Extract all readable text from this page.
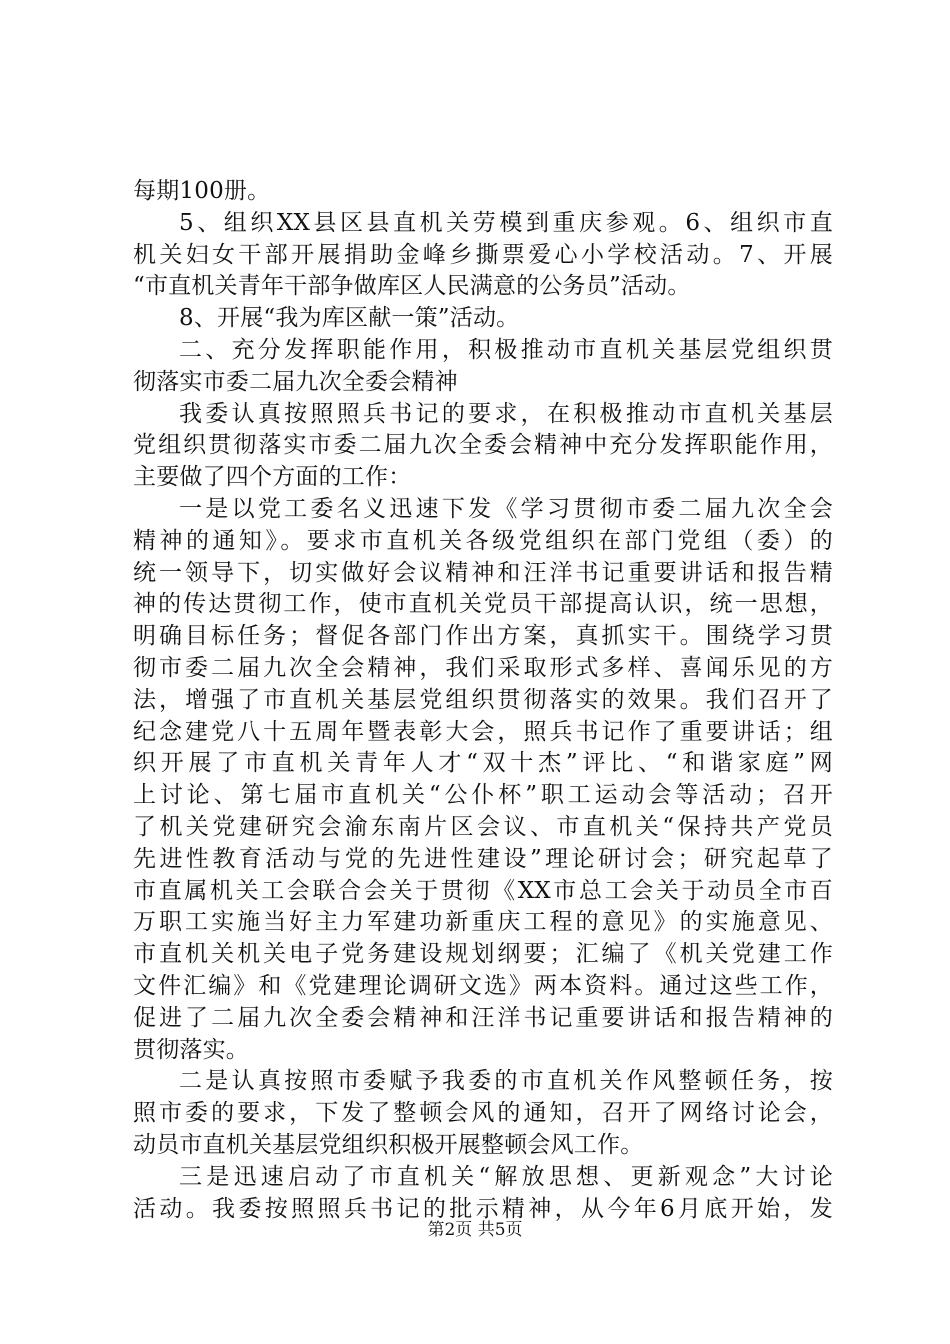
每期100册。
5、组织XX县区县直机关劳模到重庆参观。6、组织市直
机关妇女干部开展捐助金峰乡撕票爱心小学校活动。7、开展
“市直机关青年干部争做库区人民满意的公务员”活动。
8、开展“我为库区献一策”活动。
二、充分发挥职能作用，积极推动市直机关基层党组织贯
彻落实市委二届九次全委会精神
我委认真按照照兵书记的要求，在积极推动市直机关基层
党组织贯彻落实市委二届九次全委会精神中充分发挥职能作用，
主要做了四个方面的工作：
一是以党工委名义迅速下发《学习贯彻市委二届九次全会
精神的通知》。要求市直机关各级党组织在部门党组（委）的
统一领导下，切实做好会议精神和汪洋书记重要讲话和报告精
神的传达贯彻工作，使市直机关党员干部提高认识，统一思想，
明确目标任务；督促各部门作出方案，真抓实干。围绕学习贯
彻市委二届九次全会精神，我们采取形式多样、喜闻乐见的方
法，增强了市直机关基层党组织贯彻落实的效果。我们召开了
纪念建党八十五周年暨表彰大会，照兵书记作了重要讲话；组
织开展了市直机关青年人才“双十杰”评比、“和谐家庭”网
上讨论、第七届市直机关“公仆杯”职工运动会等活动；召开
了机关党建研究会渝东南片区会议、市直机关“保持共产党员
先进性教育活动与党的先进性建设”理论研讨会；研究起草了
市直属机关工会联合会关于贯彻《XX市总工会关于动员全市百
万职工实施当好主力军建功新重庆工程的意见》的实施意见、
市直机关机关电子党务建设规划纲要；汇编了《机关党建工作
文件汇编》和《党建理论调研文选》两本资料。通过这些工作，
促进了二届九次全委会精神和汪洋书记重要讲话和报告精神的
贯彻落实。
二是认真按照市委赋予我委的市直机关作风整顿任务，按
照市委的要求，下发了整顿会风的通知，召开了网络讨论会，
动员市直机关基层党组织积极开展整顿会风工作。
三是迅速启动了市直机关“解放思想、更新观念”大讨论
活动。我委按照照兵书记的批示精神，从今年6月底开始，发
第2页 共5页
